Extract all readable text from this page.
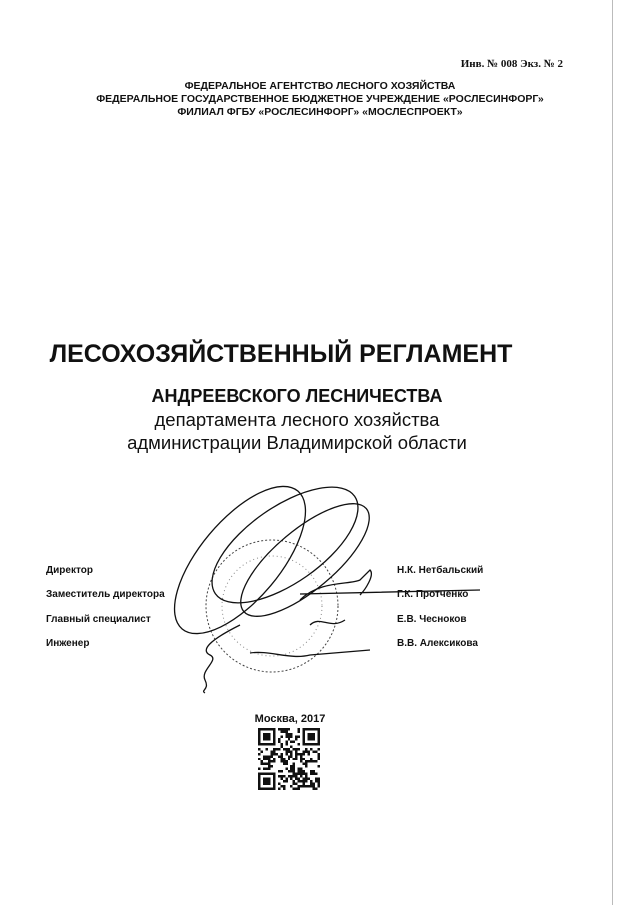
Инв. № 008 Экз. № 2
ФЕДЕРАЛЬНОЕ АГЕНТСТВО ЛЕСНОГО ХОЗЯЙСТВА
ФЕДЕРАЛЬНОЕ ГОСУДАРСТВЕННОЕ БЮДЖЕТНОЕ УЧРЕЖДЕНИЕ «РОСЛЕСИНФОРГ»
ФИЛИАЛ ФГБУ «РОСЛЕСИНФОРГ» «МОСЛЕСПРОЕКТ»
ЛЕСОХОЗЯЙСТВЕННЫЙ РЕГЛАМЕНТ
АНДРЕЕВСКОГО ЛЕСНИЧЕСТВА
департамента лесного хозяйства
администрации Владимирской области
Директор	Н.К. Нетбальский
Заместитель директора	Г.К. Протченко
Главный специалист	Е.В. Чесноков
Инженер	В.В. Алексикова
Москва, 2017
